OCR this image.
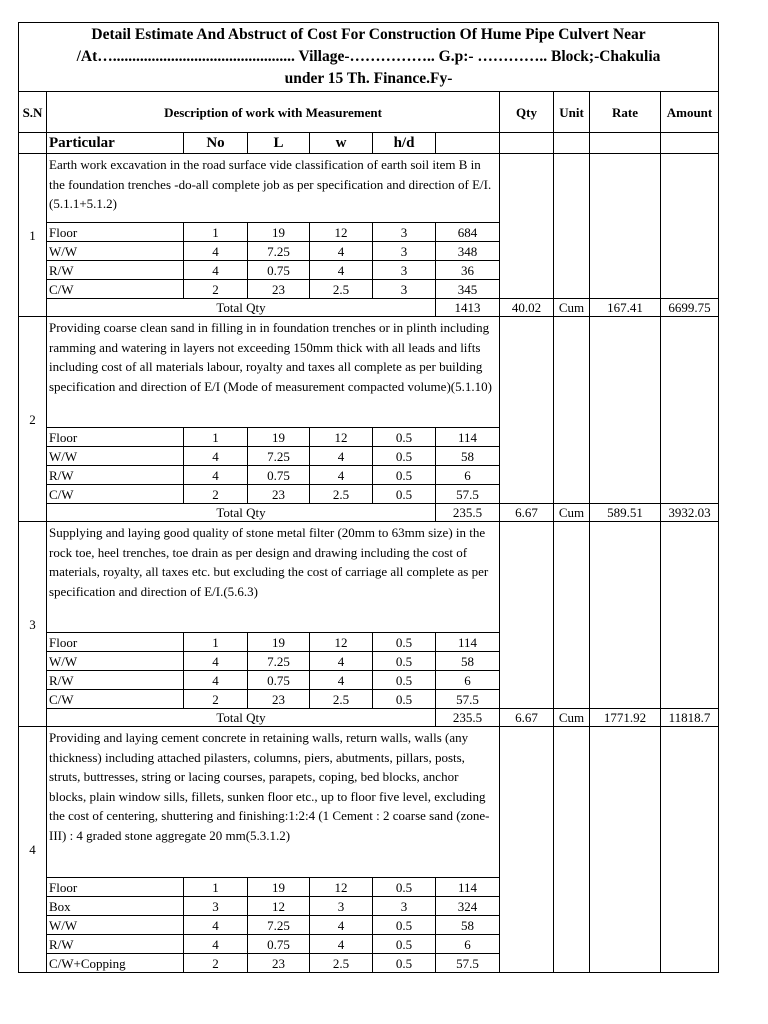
Detail Estimate And Abstruct of Cost For Construction Of Hume Pipe Culvert Near
/At…............................................... Village-…………….. G.p:- ………….. Block;-Chakulia
under 15 Th. Finance.Fy-										

S.N	Description of work with Measurement						Qty	Unit	Rate	Amount
	Particular	No	L	w	h/d					
1	Earth work excavation in the road surface vide classification of earth soil item B in the foundation trenches -do-all complete job as per specification and direction of E/I.(5.1.1+5.1.2)									
	Floor	1	19	12	3	684				
	W/W	4	7.25	4	3	348				
	R/W	4	0.75	4	3	36				
	C/W	2	23	2.5	3	345				
	Total Qty					1413	40.02	Cum	167.41	6699.75
2	Providing coarse clean sand in filling in in foundation trenches or in plinth including ramming and watering in layers not exceeding 150mm thick with all leads and lifts including cost of all materials labour, royalty and taxes all complete as per building specification and direction of E/I (Mode of measurement compacted volume)(5.1.10)									
	Floor	1	19	12	0.5	114				
	W/W	4	7.25	4	0.5	58				
	R/W	4	0.75	4	0.5	6				
	C/W	2	23	2.5	0.5	57.5				
	Total Qty					235.5	6.67	Cum	589.51	3932.03
3	Supplying and laying good quality of stone metal filter (20mm to 63mm size) in the rock toe, heel trenches, toe drain as per design and drawing including the cost of materials, royalty, all taxes etc. but excluding the cost of carriage all complete as per specification and direction of E/I.(5.6.3)									
	Floor	1	19	12	0.5	114				
	W/W	4	7.25	4	0.5	58				
	R/W	4	0.75	4	0.5	6				
	C/W	2	23	2.5	0.5	57.5				
	Total Qty					235.5	6.67	Cum	1771.92	11818.7
4	Providing and laying cement concrete in retaining walls, return walls, walls (any thickness) including attached pilasters, columns, piers, abutments, pillars, posts, struts, buttresses, string or lacing courses, parapets, coping, bed blocks, anchor blocks, plain window sills, fillets, sunken floor etc., up to floor five level, excluding the cost of centering, shuttering and finishing:1:2:4 (1 Cement : 2 coarse sand (zone-III) : 4 graded stone aggregate 20 mm(5.3.1.2)									
	Floor	1	19	12	0.5	114				
	Box	3	12	3	3	324				
	W/W	4	7.25	4	0.5	58				
	R/W	4	0.75	4	0.5	6				
	C/W+Copping	2	23	2.5	0.5	57.5				
